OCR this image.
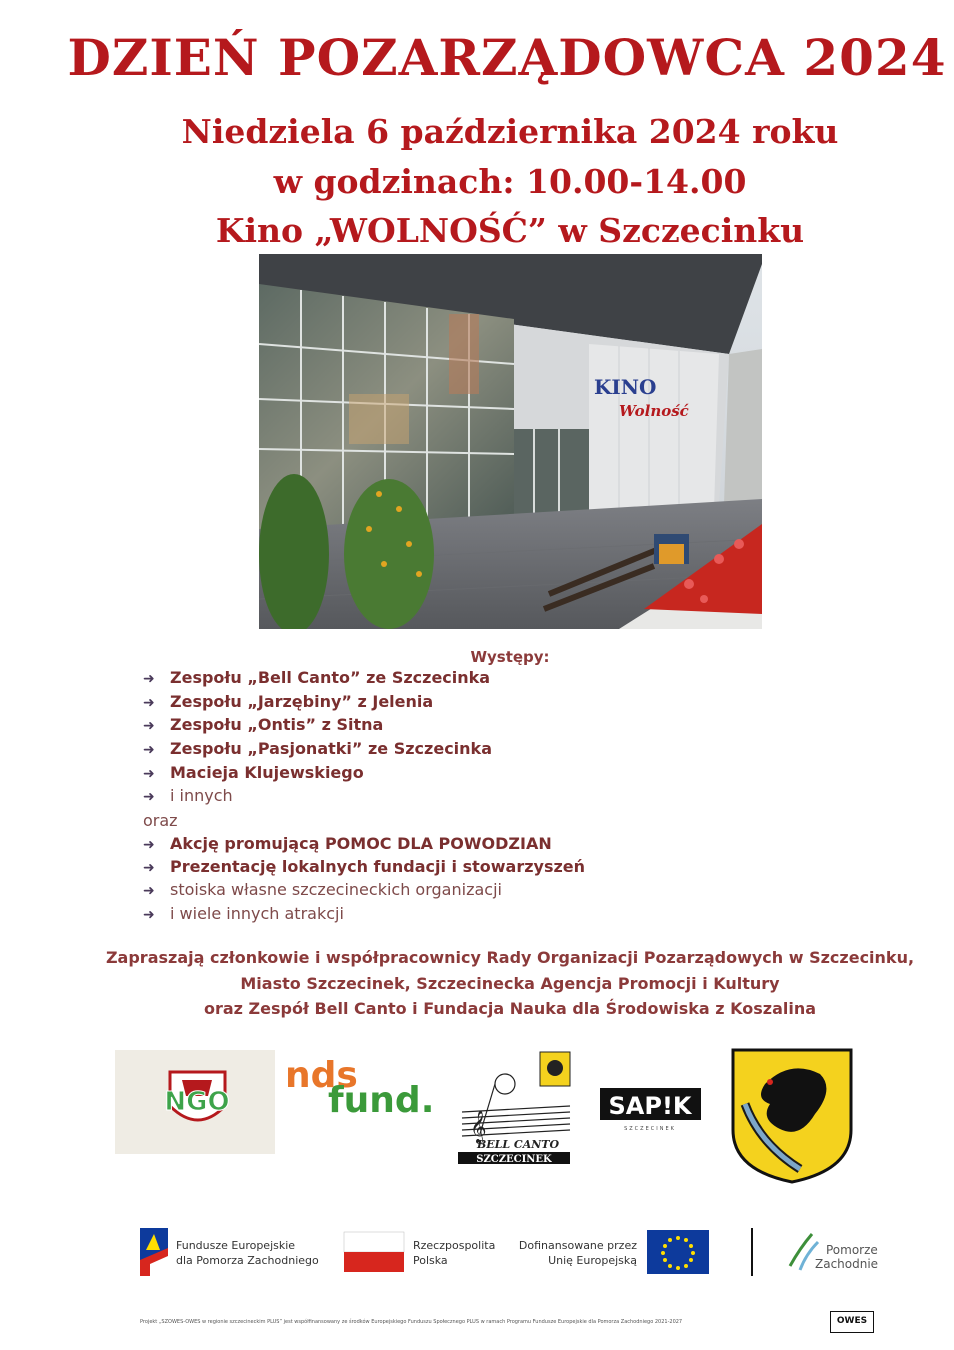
DZIEŃ POZARZĄDOWCA 2024
Niedziela 6 października 2024 roku
w godzinach: 10.00-14.00
Kino „WOLNOŚĆ” w Szczecinku
KINO
Wolność
Występy:
➜ Zespołu „Bell Canto” ze Szczecinka
➜ Zespołu „Jarzębiny” z Jelenia
➜ Zespołu „Ontis” z Sitna
➜ Zespołu „Pasjonatki” ze Szczecinka
➜ Macieja Klujewskiego
➜ i innych
oraz
➜ Akcję promującą POMOC DLA POWODZIAN
➜ Prezentację lokalnych fundacji i stowarzyszeń
➜ stoiska własne szczecineckich organizacji
➜ i wiele innych atrakcji
Zapraszają członkowie i współpracownicy Rady Organizacji Pozarządowych w Szczecinku,
Miasto Szczecinek, Szczecinecka Agencja Promocji i Kultury
oraz Zespół Bell Canto i Fundacja Nauka dla Środowiska z Koszalina
NGO
nds
fund.
𝄞
BELL CANTO
SZCZECINEK
SAP!K
SZCZECINEK
Fundusze Europejskie
dla Pomorza Zachodniego
Rzeczpospolita
Polska
Dofinansowane przez
Unię Europejską
Pomorze
Zachodnie
Projekt „SZOWES-OWES w regionie szczecineckim PLUS” jest współfinansowany ze środków Europejskiego Funduszu Społecznego PLUS w ramach Programu Fundusze Europejskie dla Pomorza Zachodniego 2021-2027	OWES
